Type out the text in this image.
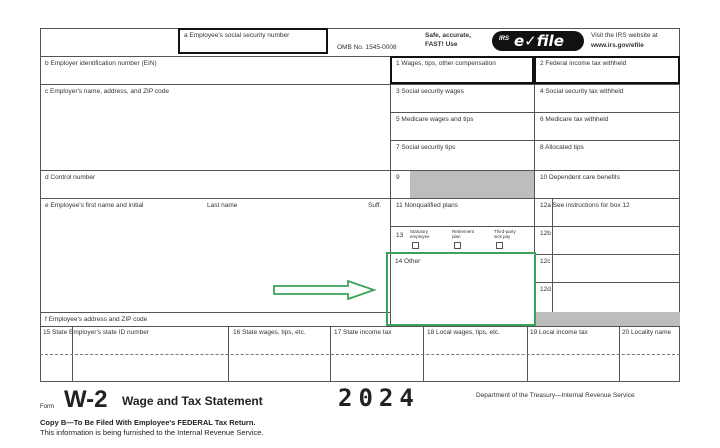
a Employee's social security number
OMB No. 1545-0008
Safe, accurate,
FAST! Use
IRS e✓file	Visit the IRS website at
www.irs.gov/efile
b Employer identification number (EIN)
c Employer's name, address, and ZIP code
d Control number
e Employee's first name and initial	Last name	Suff.
f Employee's address and ZIP code
1 Wages, tips, other compensation	2 Federal income tax withheld
3 Social security wages	4 Social security tax withheld
5 Medicare wages and tips	6 Medicare tax withheld
7 Social security tips	8 Allocated tips
9	10 Dependent care benefits
11 Nonqualified plans	12a See instructions for box 12
13
Statutory employee
Retirement plan
Third-party sick pay	12b
12c
12d
14 Other
15 State Employer's state ID number	16 State wages, tips, etc.	17 State income tax	18 Local wages, tips, etc.	19 Local income tax	20 Locality name
Form W-2 Wage and Tax Statement	2024	Department of the Treasury—Internal Revenue Service
Copy B—To Be Filed With Employee's FEDERAL Tax Return.
This information is being furnished to the Internal Revenue Service.
